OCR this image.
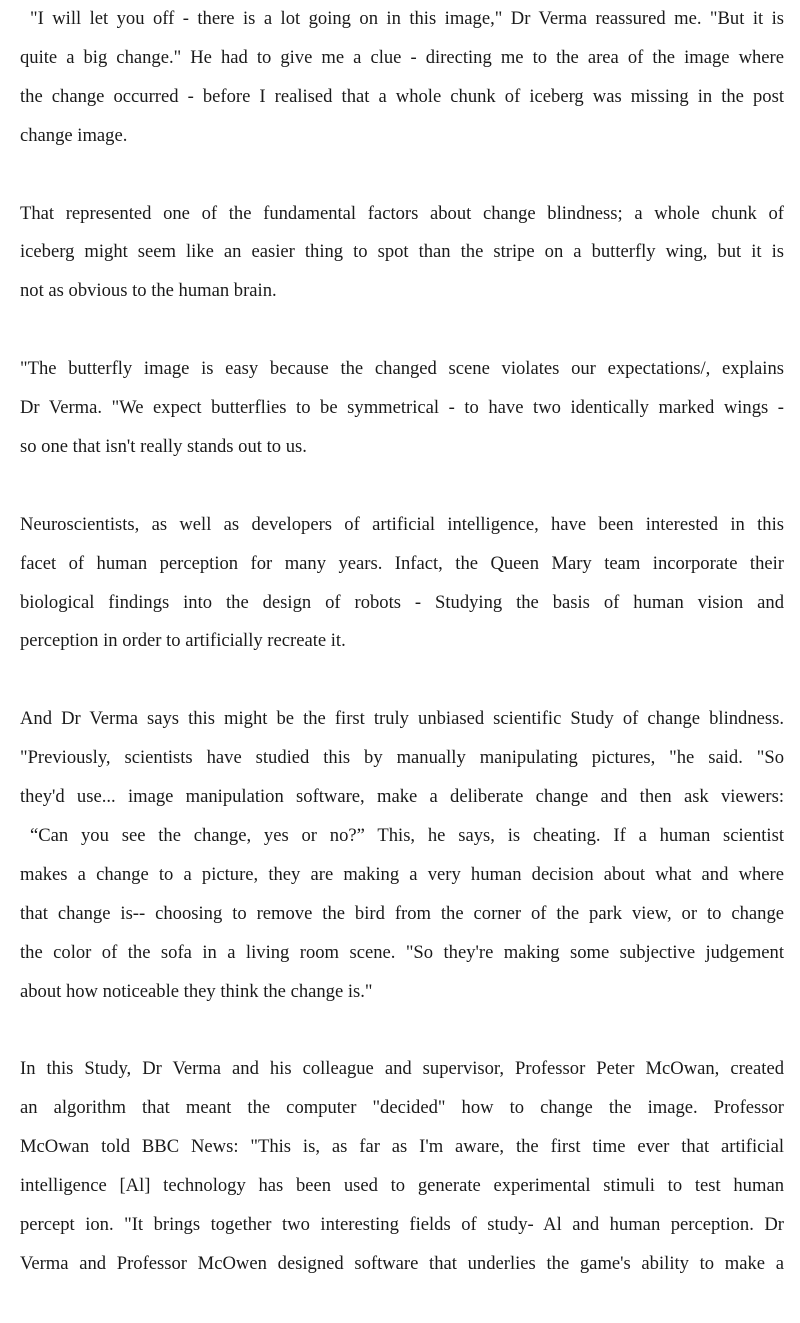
"I will let you off - there is a lot going on in this image," Dr Verma reassured me. "But it is
quite a big change." He had to give me a clue - directing me to the area of the image where
the change occurred - before I realised that a whole chunk of iceberg was missing in the post
change image.
That represented one of the fundamental factors about change blindness; a whole chunk of
iceberg might seem like an easier thing to spot than the stripe on a butterfly wing, but it is
not as obvious to the human brain.
"The butterfly image is easy because the changed scene violates our expectations/, explains
Dr Verma. "We expect butterflies to be symmetrical - to have two identically marked wings -
so one that isn't really stands out to us.
Neuroscientists, as well as developers of artificial intelligence, have been interested in this
facet of human perception for many years. Infact, the Queen Mary team incorporate their
biological findings into the design of robots - Studying the basis of human vision and
perception in order to artificially recreate it.
And Dr Verma says this might be the first truly unbiased scientific Study of change blindness.
"Previously, scientists have studied this by manually manipulating pictures, "he said. "So
they'd use... image manipulation software, make a deliberate change and then ask viewers:
“Can you see the change, yes or no?” This, he says, is cheating. If a human scientist
makes a change to a picture, they are making a very human decision about what and where
that change is-- choosing to remove the bird from the corner of the park view, or to change
the color of the sofa in a living room scene. "So they're making some subjective judgement
about how noticeable they think the change is."
In this Study, Dr Verma and his colleague and supervisor, Professor Peter McOwan, created
an algorithm that meant the computer "decided" how to change the image. Professor
McOwan told BBC News: "This is, as far as I'm aware, the first time ever that artificial
intelligence [Al] technology has been used to generate experimental stimuli to test human
percept ion. "It brings together two interesting fields of study- Al and human perception. Dr
Verma and Professor McOwen designed software that underlies the game's ability to make a
